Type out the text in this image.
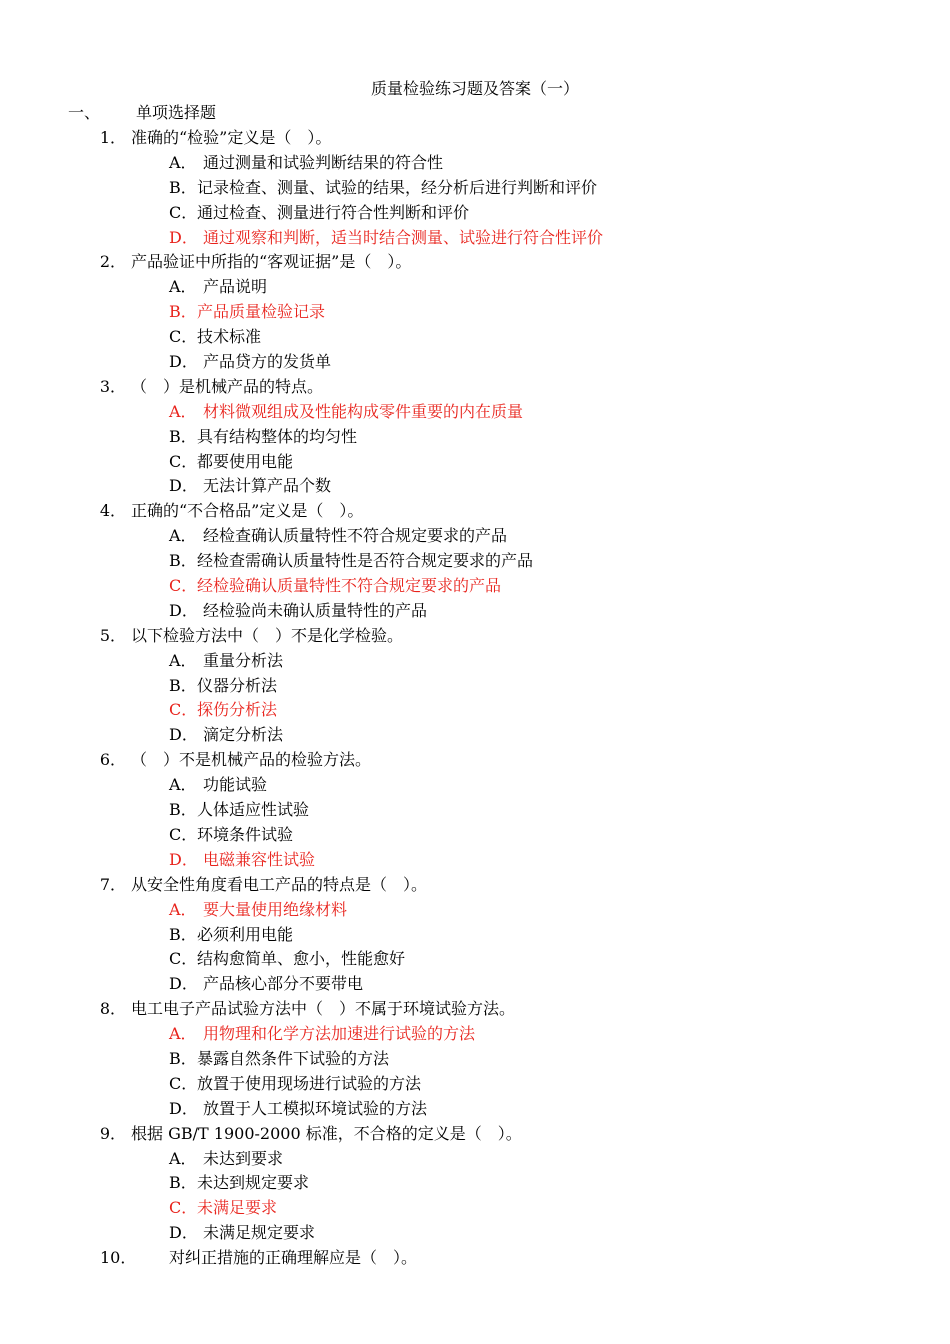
质量检验练习题及答案（一）
一、 单项选择题
1． 准确的“检验”定义是（　）。
A． 通过测量和试验判断结果的符合性
B． 记录检查、测量、试验的结果，经分析后进行判断和评价
C． 通过检查、测量进行符合性判断和评价
D． 通过观察和判断，适当时结合测量、试验进行符合性评价
2． 产品验证中所指的“客观证据”是（　）。
A． 产品说明
B． 产品质量检验记录
C． 技术标准
D． 产品贷方的发货单
3． （　）是机械产品的特点。
A． 材料微观组成及性能构成零件重要的内在质量
B． 具有结构整体的均匀性
C． 都要使用电能
D． 无法计算产品个数
4． 正确的“不合格品”定义是（　）。
A． 经检查确认质量特性不符合规定要求的产品
B． 经检查需确认质量特性是否符合规定要求的产品
C． 经检验确认质量特性不符合规定要求的产品
D． 经检验尚未确认质量特性的产品
5． 以下检验方法中（　）不是化学检验。
A． 重量分析法
B． 仪器分析法
C． 探伤分析法
D． 滴定分析法
6． （　）不是机械产品的检验方法。
A． 功能试验
B． 人体适应性试验
C． 环境条件试验
D． 电磁兼容性试验
7． 从安全性角度看电工产品的特点是（　）。
A． 要大量使用绝缘材料
B． 必须利用电能
C． 结构愈简单、愈小，性能愈好
D． 产品核心部分不要带电
8． 电工电子产品试验方法中（　）不属于环境试验方法。
A． 用物理和化学方法加速进行试验的方法
B． 暴露自然条件下试验的方法
C． 放置于使用现场进行试验的方法
D． 放置于人工模拟环境试验的方法
9． 根据 GB/T 1900-2000 标准，不合格的定义是（　）。
A． 未达到要求
B． 未达到规定要求
C． 未满足要求
D． 未满足规定要求
10．	对纠正措施的正确理解应是（　）。
